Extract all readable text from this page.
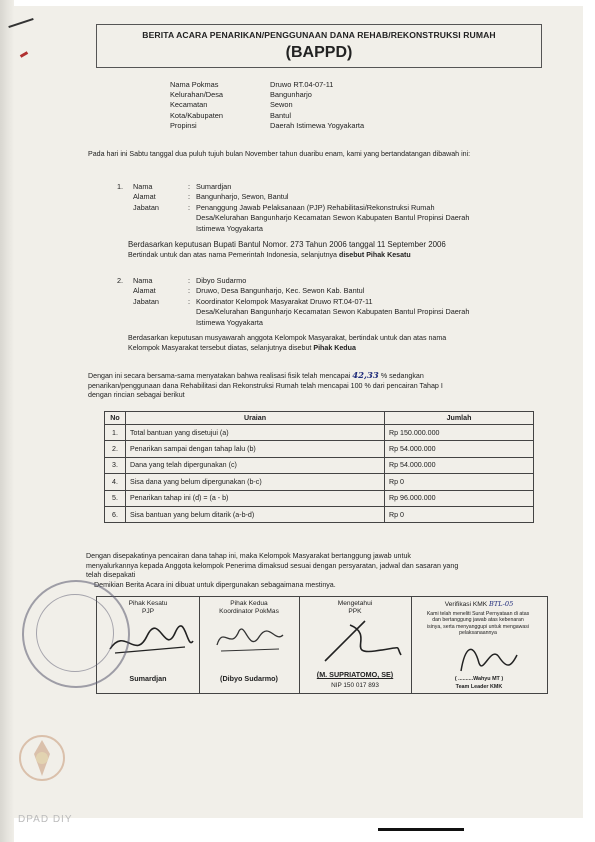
BERITA ACARA PENARIKAN/PENGGUNAAN DANA REHAB/REKONSTRUKSI RUMAH
(BAPPD)
Nama Pokmas	Druwo RT.04-07-11
Kelurahan/Desa	Bangunharjo
Kecamatan	Sewon
Kota/Kabupaten	Bantul
Propinsi	Daerah Istimewa Yogyakarta
Pada hari ini Sabtu tanggal dua puluh tujuh bulan November tahun duaribu enam, kami yang bertandatangan dibawah ini:
1.	Nama	: Sumardjan
Alamat	: Bangunharjo, Sewon, Bantul
Jabatan	: Penanggung Jawab Pelaksanaan (PJP) Rehabilitasi/Rekonstruksi Rumah
Desa/Kelurahan Bangunharjo Kecamatan Sewon Kabupaten Bantul Propinsi Daerah
Istimewa Yogyakarta
Berdasarkan keputusan Bupati Bantul Nomor. 273 Tahun 2006 tanggal 11 September 2006
Bertindak untuk dan atas nama Pemerintah Indonesia, selanjutnya disebut Pihak Kesatu
2.	Nama	: Dibyo Sudarmo
Alamat	: Druwo, Desa Bangunharjo, Kec. Sewon Kab. Bantul
Jabatan	: Koordinator Kelompok Masyarakat Druwo RT.04-07-11
Desa/Kelurahan Bangunharjo Kecamatan Sewon Kabupaten Bantul Propinsi Daerah
Istimewa Yogyakarta
Berdasarkan keputusan musyawarah anggota Kelompok Masyarakat, bertindak untuk dan atas nama
Kelompok Masyarakat tersebut diatas, selanjutnya disebut Pihak Kedua
Dengan ini secara bersama-sama menyatakan bahwa realisasi fisik telah mencapai 42,33 % sedangkan
penarikan/penggunaan dana Rehabilitasi dan Rekonstruksi Rumah telah mencapai 100 % dari pencairan Tahap I
dengan rincian sebagai berikut
No	Uraian	Jumlah
1.	Total bantuan yang disetujui (a)	Rp 150.000.000
2.	Penarikan sampai dengan tahap lalu (b)	Rp 54.000.000
3.	Dana yang telah dipergunakan (c)	Rp 54.000.000
4.	Sisa dana yang belum dipergunakan (b-c)	Rp 0
5.	Penarikan tahap ini (d) = (a - b)	Rp 96.000.000
6.	Sisa bantuan yang belum ditarik (a-b-d)	Rp 0
Dengan disepakatinya pencairan dana tahap ini, maka Kelompok Masyarakat bertanggung jawab untuk
menyalurkannya kepada Anggota kelompok Penerima dimaksud sesuai dengan persyaratan, jadwal dan sasaran yang
telah disepakati
Demikian Berita Acara ini dibuat untuk dipergunakan sebagaimana mestinya.
Pihak Kesatu
PJP
Sumardjan
Pihak Kedua
Koordinator PokMas
(Dibyo Sudarmo)
Mengetahui
PPK
(M. SUPRIATOMO, SE)
NIP 150 017 893
Verifikasi KMK BTL-05
Kami telah meneliti Surat Pernyataan di atas dan bertanggung jawab atas kebenaran isinya, serta menyanggupi untuk mengawasi pelaksanaannya
( ..........Wahyu MT )
Team Leader KMK
DPAD DIY
